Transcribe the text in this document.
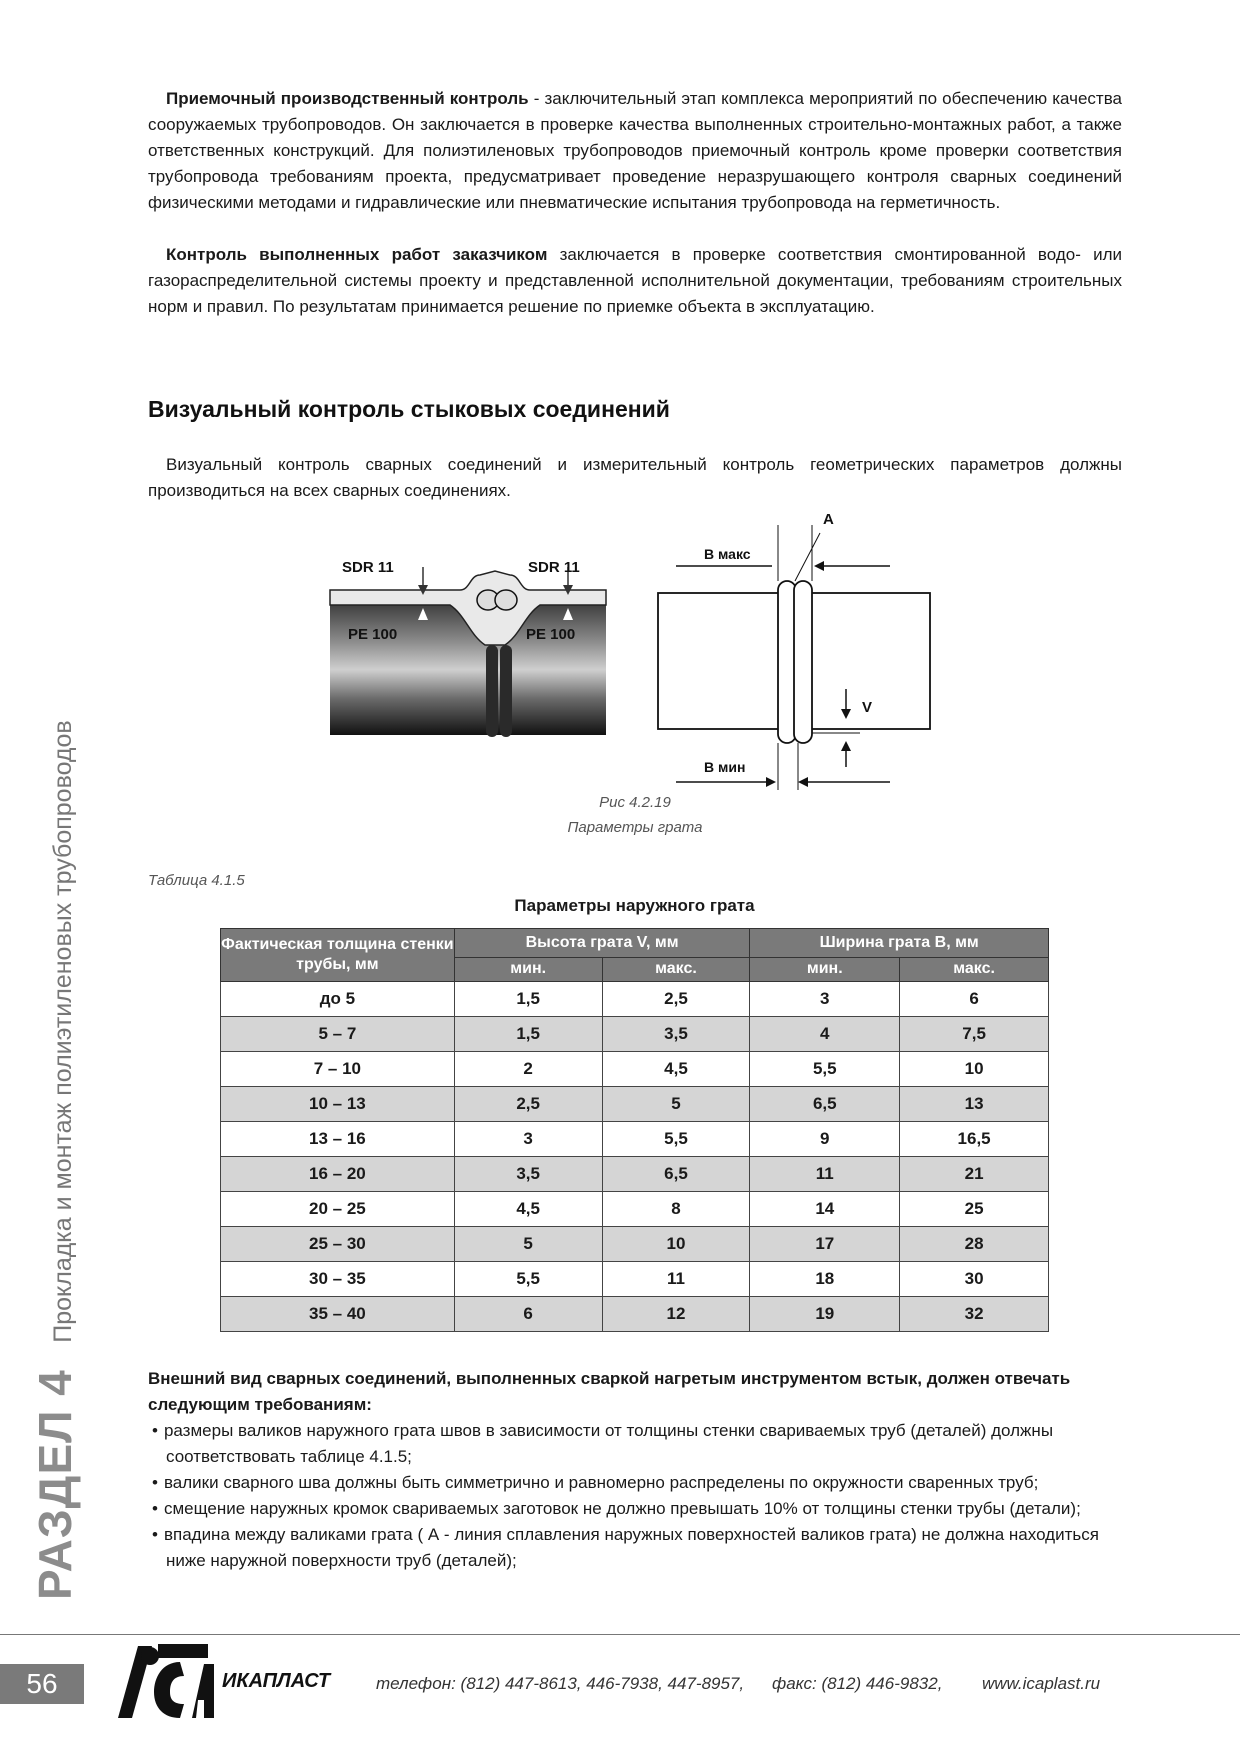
РАЗДЕЛ 4 Прокладка и монтаж полиэтиленовых трубопроводов
Приемочный производственный контроль - заключительный этап комплекса мероприятий по обеспечению качества сооружаемых трубопроводов. Он заключается в проверке качества выполненных строительно-монтажных работ, а также ответственных конструкций. Для полиэтиленовых трубопроводов приемочный контроль кроме проверки соответствия трубопровода требованиям проекта, предусматривает проведение неразрушающего контроля сварных соединений физическими методами и гидравлические или пневматические испытания трубопровода на герметичность.
Контроль выполненных работ заказчиком заключается в проверке соответствия смонтированной водо- или газораспределительной системы проекту и представленной исполнительной документации, требованиям строительных норм и правил. По результатам принимается решение по приемке объекта в эксплуатацию.
Визуальный контроль стыковых соединений
Визуальный контроль сварных соединений и измерительный контроль геометрических параметров должны производиться на всех сварных соединениях.
SDR 11	SDR 11
PE 100	PE 100
A
B макс
B мин
V
Рис 4.2.19
Параметры грата
Таблица 4.1.5
Параметры наружного грата
Фактическая толщина стенки трубы, мм	Высота грата V, мм		Ширина грата B, мм	
	мин.	макс.	мин.	макс.
до 5	1,5	2,5	3	6
5 – 7	1,5	3,5	4	7,5
7 – 10	2	4,5	5,5	10
10 – 13	2,5	5	6,5	13
13 – 16	3	5,5	9	16,5
16 – 20	3,5	6,5	11	21
20 – 25	4,5	8	14	25
25 – 30	5	10	17	28
30 – 35	5,5	11	18	30
35 – 40	6	12	19	32
Внешний вид сварных соединений, выполненных сваркой нагретым инструментом встык, должен отвечать следующим требованиям:
• размеры валиков наружного грата швов в зависимости от толщины стенки свариваемых труб (деталей) должны соответствовать таблице 4.1.5;
• валики сварного шва должны быть симметрично и равномерно распределены по окружности сваренных труб;
• смещение наружных кромок свариваемых заготовок не должно превышать 10% от толщины стенки трубы (детали);
• впадина между валиками грата ( А - линия сплавления наружных поверхностей валиков грата) не должна находиться ниже наружной поверхности труб (деталей);
56	ИКАПЛАСТ	телефон: (812) 447-8613, 446-7938, 447-8957, факс: (812) 446-9832, www.icaplast.ru
